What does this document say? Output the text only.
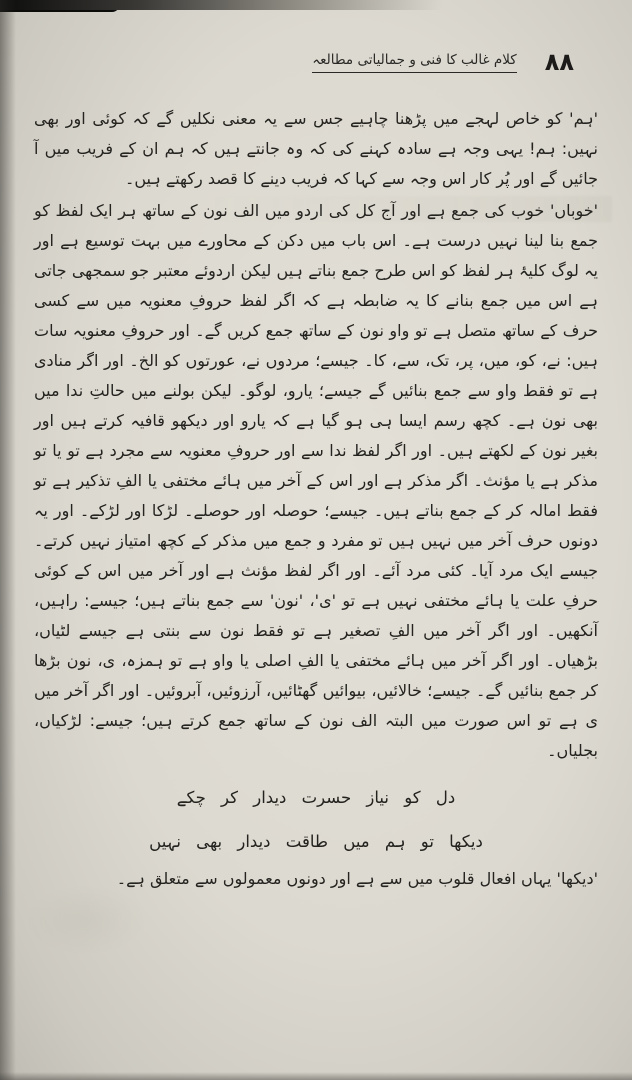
۸۸
کلام غالب کا فنی و جمالیاتی مطالعہ

'ہم' کو خاص لہجے میں پڑھنا چاہیے جس سے یہ معنی نکلیں گے کہ کوئی اور بھی نہیں: ہم! یہی وجہ ہے سادہ کہنے کی کہ وہ جانتے ہیں کہ ہم ان کے فریب میں آ جائیں گے اور پُر کار اس وجہ سے کہا کہ فریب دینے کا قصد رکھتے ہیں۔

'خوباں' خوب کی جمع ہے اور آج کل کی اردو میں الف نون کے ساتھ ہر ایک لفظ کو جمع بنا لینا نہیں درست ہے۔ اس باب میں دکن کے محاورے میں بہت توسیع ہے اور یہ لوگ کلیۂ ہر لفظ کو اس طرح جمع بناتے ہیں لیکن اردوئے معتبر جو سمجھی جاتی ہے اس میں جمع بنانے کا یہ ضابطہ ہے کہ اگر لفظ حروفِ معنویہ میں سے کسی حرف کے ساتھ متصل ہے تو واو نون کے ساتھ جمع کریں گے۔ اور حروفِ معنویہ سات ہیں: نے، کو، میں، پر، تک، سے، کا۔ جیسے؛ مردوں نے، عورتوں کو الخ۔ اور اگر منادی ہے تو فقط واو سے جمع بنائیں گے جیسے؛ یارو، لوگو۔ لیکن بولنے میں حالتِ ندا میں بھی نون ہے۔ کچھ رسم ایسا ہی ہو گیا ہے کہ یارو اور دیکھو قافیہ کرتے ہیں اور بغیر نون کے لکھتے ہیں۔ اور اگر لفظ ندا سے اور حروفِ معنویہ سے مجرد ہے تو یا تو مذکر ہے یا مؤنث۔ اگر مذکر ہے اور اس کے آخر میں ہائے مختفی یا الفِ تذکیر ہے تو فقط امالہ کر کے جمع بناتے ہیں۔ جیسے؛ حوصلہ اور حوصلے۔ لڑکا اور لڑکے۔ اور یہ دونوں حرف آخر میں نہیں ہیں تو مفرد و جمع میں مذکر کے کچھ امتیاز نہیں کرتے۔ جیسے ایک مرد آیا۔ کئی مرد آئے۔ اور اگر لفظ مؤنث ہے اور آخر میں اس کے کوئی حرفِ علت یا ہائے مختفی نہیں ہے تو 'ی'، 'نون' سے جمع بناتے ہیں؛ جیسے: راہیں، آنکھیں۔ اور اگر آخر میں الفِ تصغیر ہے تو فقط نون سے بنتی ہے جیسے لٹیاں، بڑھیاں۔ اور اگر آخر میں ہائے مختفی یا الفِ اصلی یا واو ہے تو ہمزہ، ی، نون بڑھا کر جمع بنائیں گے۔ جیسے؛ خالائیں، بیوائیں گھٹائیں، آرزوئیں، آبروئیں۔ اور اگر آخر میں ی ہے تو اس صورت میں البتہ الف نون کے ساتھ جمع کرتے ہیں؛ جیسے: لڑکیاں، بجلیاں۔

دل کو نیاز حسرت دیدار کر چکے
دیکھا تو ہم میں طاقت دیدار بھی نہیں

'دیکھا' یہاں افعال قلوب میں سے ہے اور دونوں معمولوں سے متعلق ہے۔
